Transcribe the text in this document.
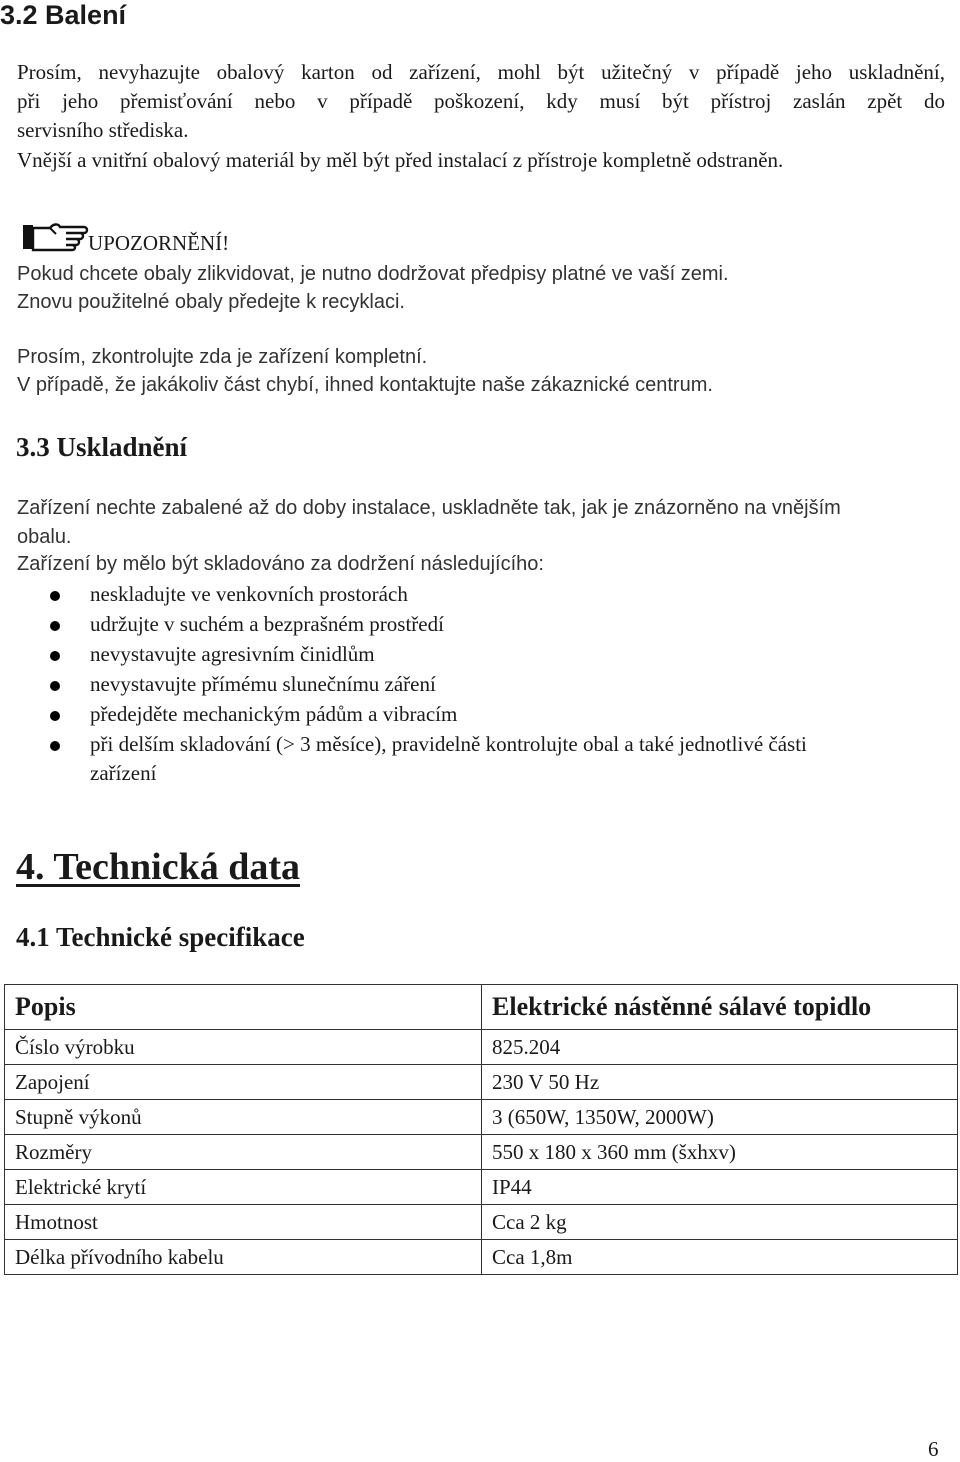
3.2 Balení
Prosím, nevyhazujte obalový karton od zařízení, mohl být užitečný v případě jeho uskladnění,
při jeho přemisťování nebo v případě poškození, kdy musí být přístroj zaslán zpět do
servisního střediska.
Vnější a vnitřní obalový materiál by měl být před instalací z přístroje kompletně odstraněn.
UPOZORNĚNÍ!
Pokud chcete obaly zlikvidovat, je nutno dodržovat předpisy platné ve vaší zemi.
Znovu použitelné obaly předejte k recyklaci.
Prosím, zkontrolujte zda je zařízení kompletní.
V případě, že jakákoliv část chybí, ihned kontaktujte naše zákaznické centrum.
3.3 Uskladnění
Zařízení nechte zabalené až do doby instalace, uskladněte tak, jak je znázorněno na vnějším
obalu.
Zařízení by mělo být skladováno za dodržení následujícího:
neskladujte ve venkovních prostorách
udržujte v suchém a bezprašném prostředí
nevystavujte agresivním činidlům
nevystavujte přímému slunečnímu záření
předejděte mechanickým pádům a vibracím
při delším skladování (> 3 měsíce), pravidelně kontrolujte obal a také jednotlivé části
zařízení
4. Technická data
4.1 Technické specifikace
Popis	Elektrické nástěnné sálavé topidlo
Číslo výrobku	825.204
Zapojení	230 V 50 Hz
Stupně výkonů	3 (650W, 1350W, 2000W)
Rozměry	550 x 180 x 360 mm (šxhxv)
Elektrické krytí	IP44
Hmotnost	Cca 2 kg
Délka přívodního kabelu	Cca 1,8m
6
